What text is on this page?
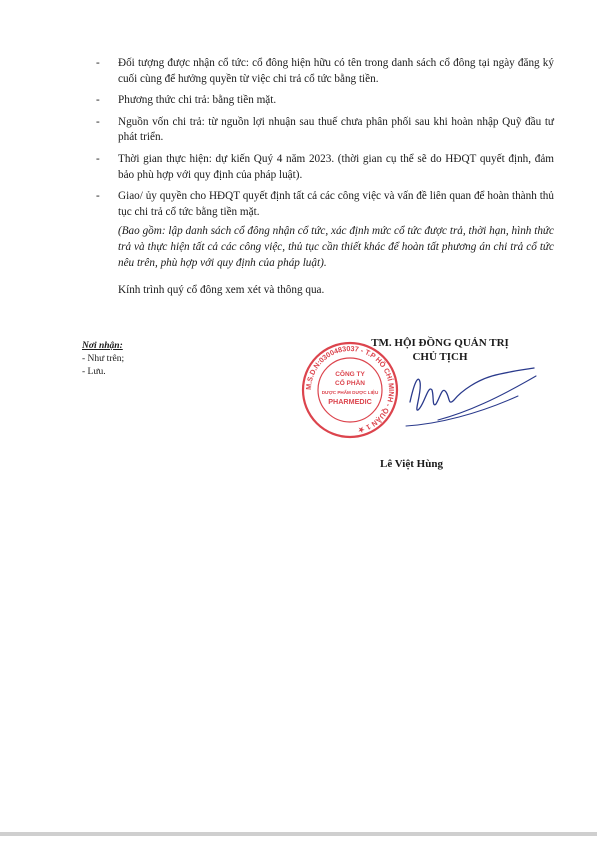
- Đối tượng được nhận cổ tức: cổ đông hiện hữu có tên trong danh sách cổ đông tại ngày đăng ký cuối cùng để hưởng quyền từ việc chi trả cổ tức bằng tiền.
- Phương thức chi trả: bằng tiền mặt.
- Nguồn vốn chi trả: từ nguồn lợi nhuận sau thuế chưa phân phối sau khi hoàn nhập Quỹ đầu tư phát triển.
- Thời gian thực hiện: dự kiến Quý 4 năm 2023. (thời gian cụ thể sẽ do HĐQT quyết định, đảm bảo phù hợp với quy định của pháp luật).
- Giao/ ủy quyền cho HĐQT quyết định tất cả các công việc và vấn đề liên quan để hoàn thành thủ tục chi trả cổ tức bằng tiền mặt.
(Bao gồm: lập danh sách cổ đông nhận cổ tức, xác định mức cổ tức được trả, thời hạn, hình thức trả và thực hiện tất cả các công việc, thủ tục cần thiết khác để hoàn tất phương án chi trả cổ tức nêu trên, phù hợp với quy định của pháp luật).
Kính trình quý cổ đông xem xét và thông qua.
Nơi nhận:
- Như trên;
- Lưu.
M.S.D.N:0300483037 - T.P HỒ CHÍ MINH - QUẬN 1 ★
CÔNG TY
CỔ PHẦN
DƯỢC PHẨM DƯỢC LIỆU
PHARMEDIC
TM. HỘI ĐỒNG QUẢN TRỊ
CHỦ TỊCH
Lê Việt Hùng
